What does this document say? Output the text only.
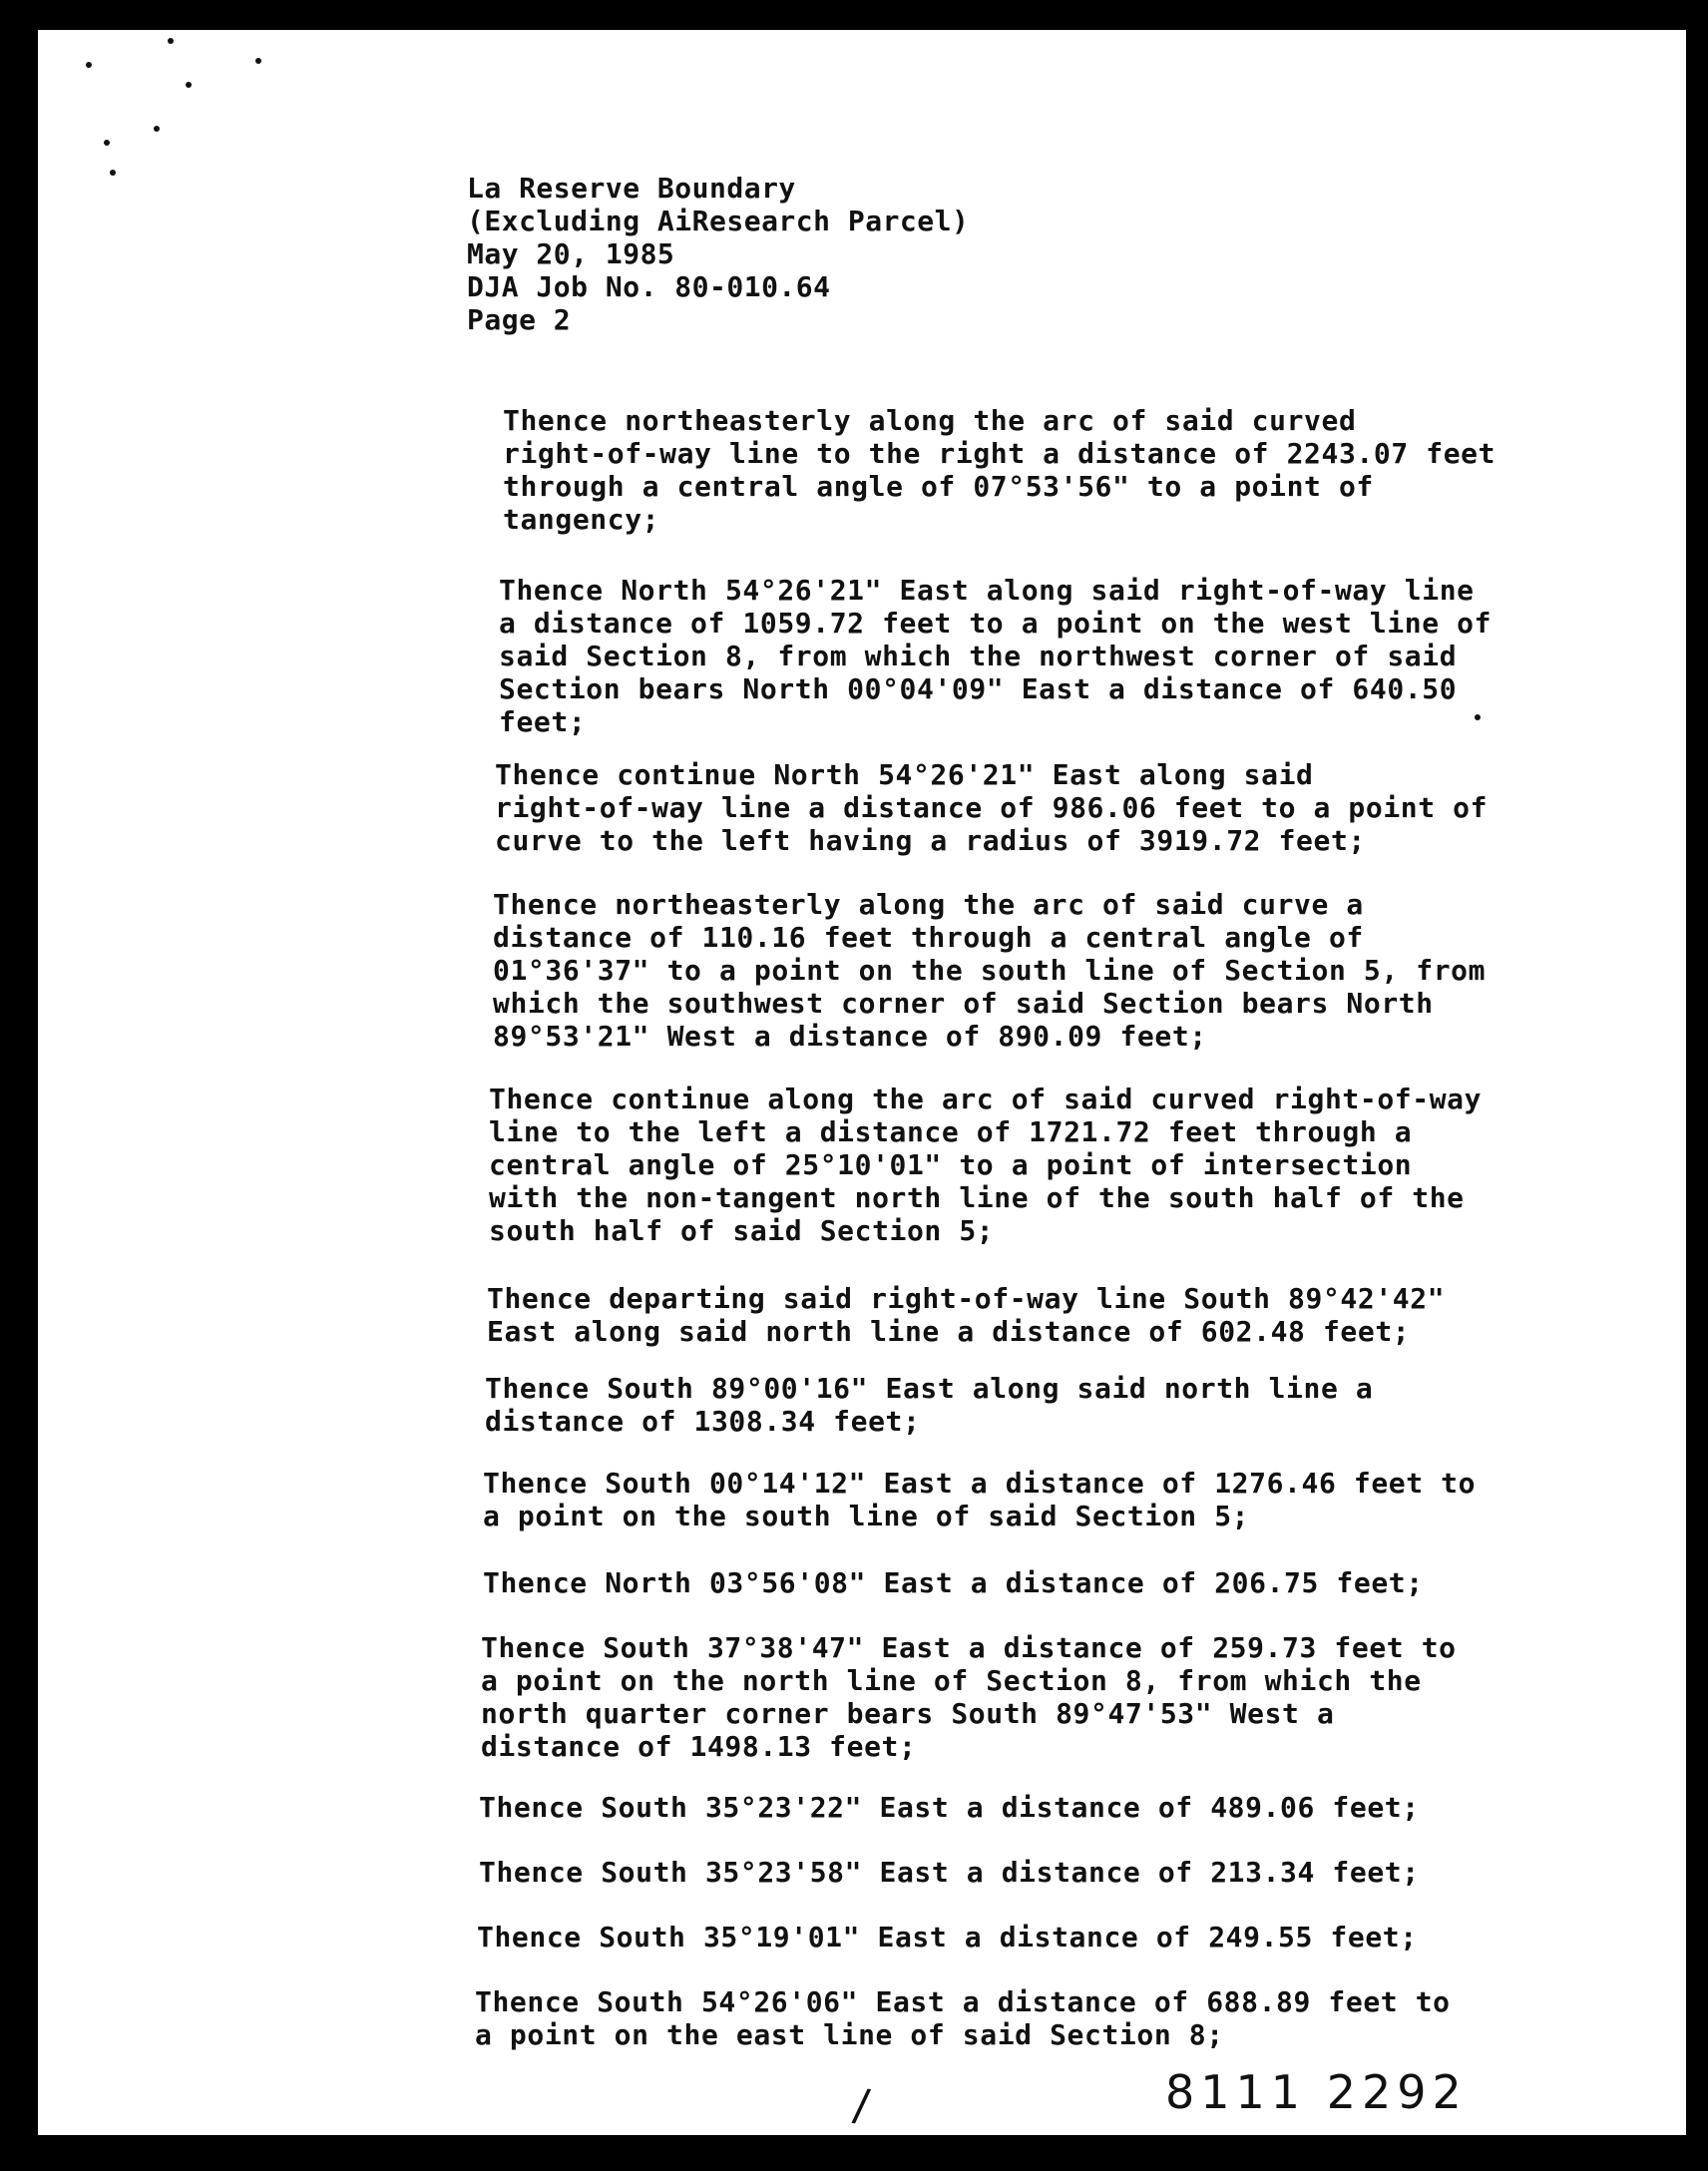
La Reserve Boundary
(Excluding AiResearch Parcel)
May 20, 1985
DJA Job No. 80-010.64
Page 2
Thence northeasterly along the arc of said curved
right-of-way line to the right a distance of 2243.07 feet
through a central angle of 07°53'56" to a point of
tangency;
Thence North 54°26'21" East along said right-of-way line
a distance of 1059.72 feet to a point on the west line of
said Section 8, from which the northwest corner of said
Section bears North 00°04'09" East a distance of 640.50
feet;
Thence continue North 54°26'21" East along said
right-of-way line a distance of 986.06 feet to a point of
curve to the left having a radius of 3919.72 feet;
Thence northeasterly along the arc of said curve a
distance of 110.16 feet through a central angle of
01°36'37" to a point on the south line of Section 5, from
which the southwest corner of said Section bears North
89°53'21" West a distance of 890.09 feet;
Thence continue along the arc of said curved right-of-way
line to the left a distance of 1721.72 feet through a
central angle of 25°10'01" to a point of intersection
with the non-tangent north line of the south half of the
south half of said Section 5;
Thence departing said right-of-way line South 89°42'42"
East along said north line a distance of 602.48 feet;
Thence South 89°00'16" East along said north line a
distance of 1308.34 feet;
Thence South 00°14'12" East a distance of 1276.46 feet to
a point on the south line of said Section 5;
Thence North 03°56'08" East a distance of 206.75 feet;
Thence South 37°38'47" East a distance of 259.73 feet to
a point on the north line of Section 8, from which the
north quarter corner bears South 89°47'53" West a
distance of 1498.13 feet;
Thence South 35°23'22" East a distance of 489.06 feet;
Thence South 35°23'58" East a distance of 213.34 feet;
Thence South 35°19'01" East a distance of 249.55 feet;
Thence South 54°26'06" East a distance of 688.89 feet to
a point on the east line of said Section 8;
/	8111 2292
